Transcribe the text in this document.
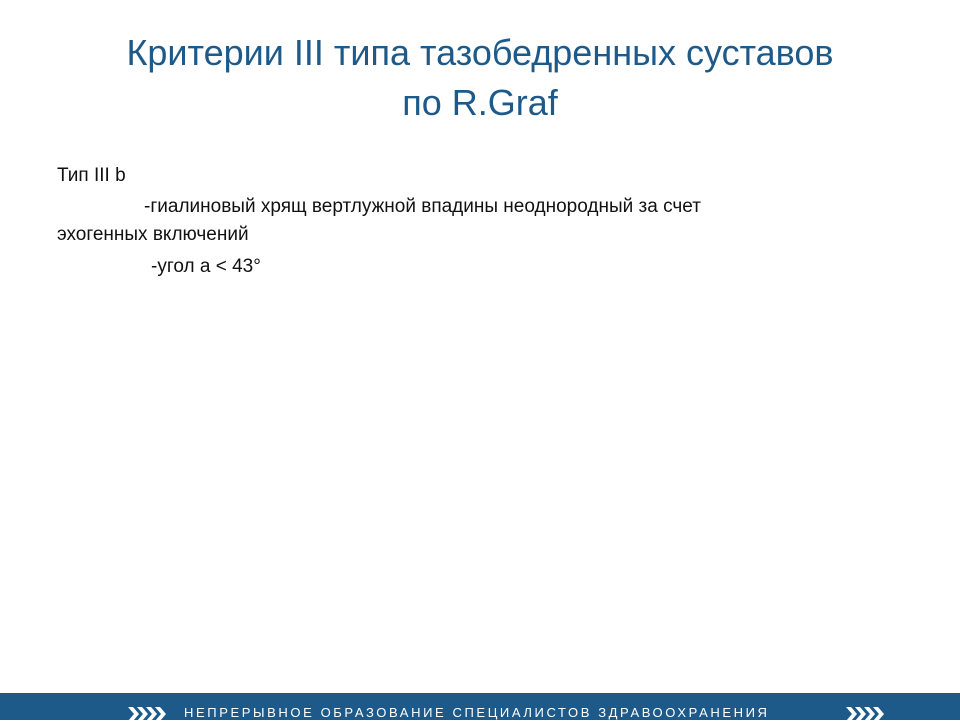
Критерии III типа тазобедренных суставов
по R.Graf
Тип III b
-гиалиновый хрящ вертлужной впадины неоднородный за счет
эхогенных включений
-угол a < 43°
НЕПРЕРЫВНОЕ ОБРАЗОВАНИЕ СПЕЦИАЛИСТОВ ЗДРАВООХРАНЕНИЯ
